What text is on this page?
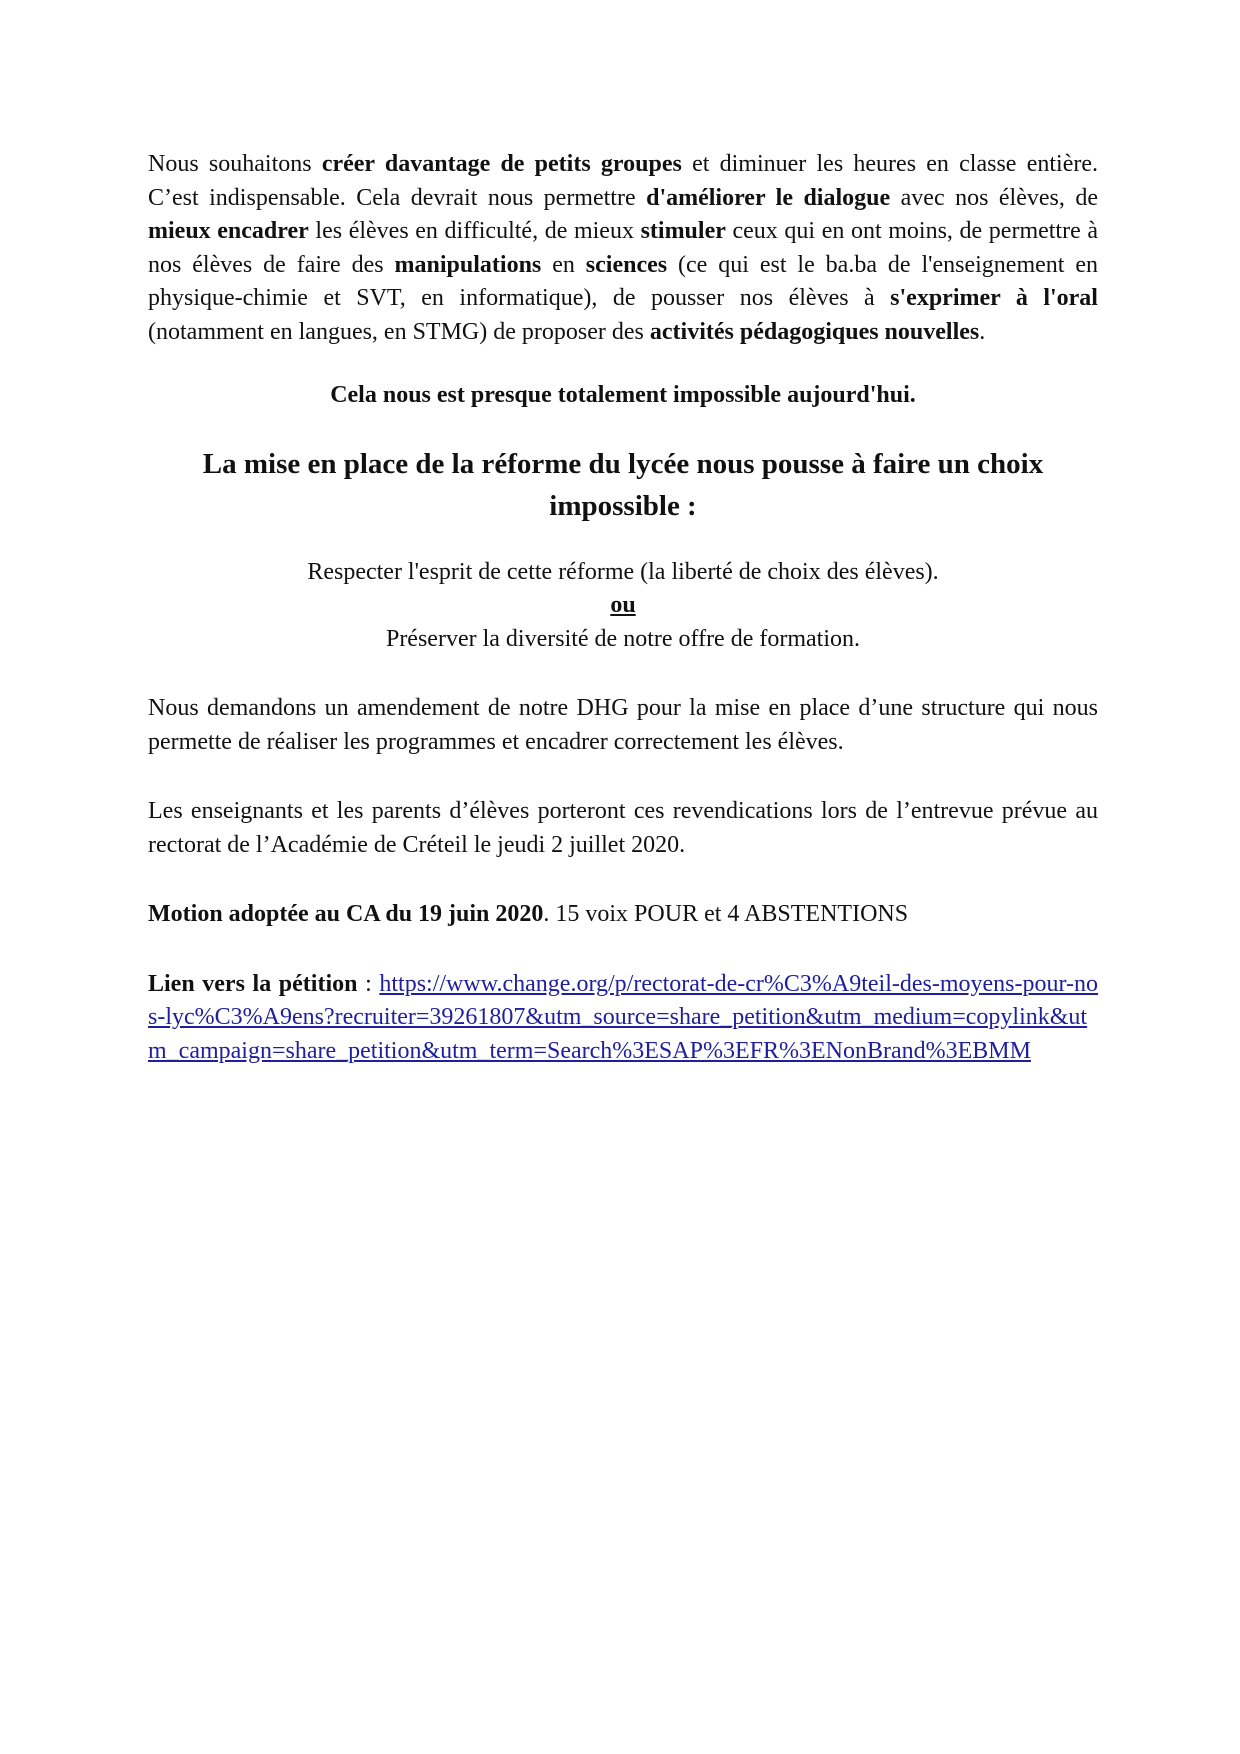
Nous souhaitons créer davantage de petits groupes et diminuer les heures en classe entière. C’est indispensable. Cela devrait nous permettre d'améliorer le dialogue avec nos élèves, de mieux encadrer les élèves en difficulté, de mieux stimuler ceux qui en ont moins, de permettre à nos élèves de faire des manipulations en sciences (ce qui est le ba.ba de l'enseignement en physique-chimie et SVT, en informatique), de pousser nos élèves à s'exprimer à l'oral (notamment en langues, en STMG) de proposer des activités pédagogiques nouvelles.

Cela nous est presque totalement impossible aujourd'hui.

La mise en place de la réforme du lycée nous pousse à faire un choix impossible :

Respecter l'esprit de cette réforme (la liberté de choix des élèves).
ou
Préserver la diversité de notre offre de formation.

Nous demandons un amendement de notre DHG pour la mise en place d’une structure qui nous permette de réaliser les programmes et encadrer correctement les élèves.

Les enseignants et les parents d’élèves porteront ces revendications lors de l’entrevue prévue au rectorat de l’Académie de Créteil le jeudi 2 juillet 2020.

Motion adoptée au CA du 19 juin 2020. 15 voix POUR et 4 ABSTENTIONS

Lien vers la pétition : https://www.change.org/p/rectorat-de-cr%C3%A9teil-des-moyens-pour-nos-lyc%C3%A9ens?recruiter=39261807&utm_source=share_petition&utm_medium=copylink&utm_campaign=share_petition&utm_term=Search%3ESAP%3EFR%3ENonBrand%3EBMM
